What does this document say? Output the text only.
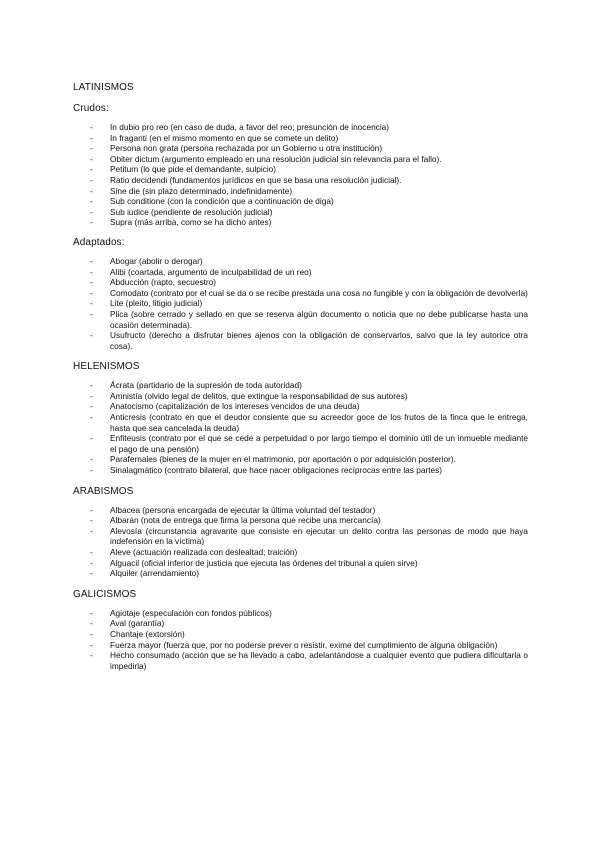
LATINISMOS

Crudos:

- In dubio pro reo (en caso de duda, a favor del reo; presunción de inocencia)
- In fraganti (en el mismo momento en que se comete un delito)
- Persona non grata (persona rechazada por un Gobierno u otra institución)
- Obiter dictum (argumento empleado en una resolución judicial sin relevancia para el fallo).
- Petitum (lo que pide el demandante, sulpicio)
- Ratio decidendi (fundamentos jurídicos en que se basa una resolución judicial).
- Sine die (sin plazo determinado, indefinidamente)
- Sub conditione (con la condición que a continuación de diga)
- Sub iudice (pendiente de resolución judicial)
- Supra (más arriba, como se ha dicho antes)

Adaptados:

- Abogar (abolir o derogar)
- Alibi (coartada, argumento de inculpabilidad de un reo)
- Abducción (rapto, secuestro)
- Comodato (contrato por el cual se da o se recibe prestada una cosa no fungible y con la obligación de devolverla)
- Lite (pleito, litigio judicial)
- Plica (sobre cerrado y sellado en que se reserva algún documento o noticia que no debe publicarse hasta una ocasión determinada).
- Usufructo (derecho a disfrutar bienes ajenos con la obligación de conservarlos, salvo que la ley autorice otra cosa).

HELENISMOS

- Ácrata (partidario de la supresión de toda autoridad)
- Amnistía (olvido legal de delitos, que extingue la responsabilidad de sus autores)
- Anatocismo (capitalización de los intereses vencidos de una deuda)
- Anticresis (contrato en que el deudor consiente que su acreedor goce de los frutos de la finca que le entrega, hasta que sea cancelada la deuda)
- Enfiteusis (contrato por el que se cede a perpetuidad o por largo tiempo el dominio útil de un inmueble mediante el pago de una pensión)
- Parafernales (bienes de la mujer en el matrimonio, por aportación o por adquisición posterior).
- Sinalagmático (contrato bilateral, que hace nacer obligaciones recíprocas entre las partes)

ARABISMOS

- Albacea (persona encargada de ejecutar la última voluntad del testador)
- Albarán (nota de entrega que firma la persona que recibe una mercancía)
- Alevosía (circunstancia agravante que consiste en ejecutar un delito contra las personas de modo que haya indefensión en la víctima)
- Aleve (actuación realizada con deslealtad; traición)
- Alguacil (oficial inferior de justicia que ejecuta las órdenes del tribunal a quien sirve)
- Alquiler (arrendamiento)

GALICISMOS

- Agiotaje (especulación con fondos públicos)
- Aval (garantía)
- Chantaje (extorsión)
- Fuerza mayor (fuerza que, por no poderse prever o resistir, exime del cumplimiento de alguna obligación)
- Hecho consumado (acción que se ha llevado a cabo, adelantándose a cualquier evento que pudiera dificultarla o impedirla)
